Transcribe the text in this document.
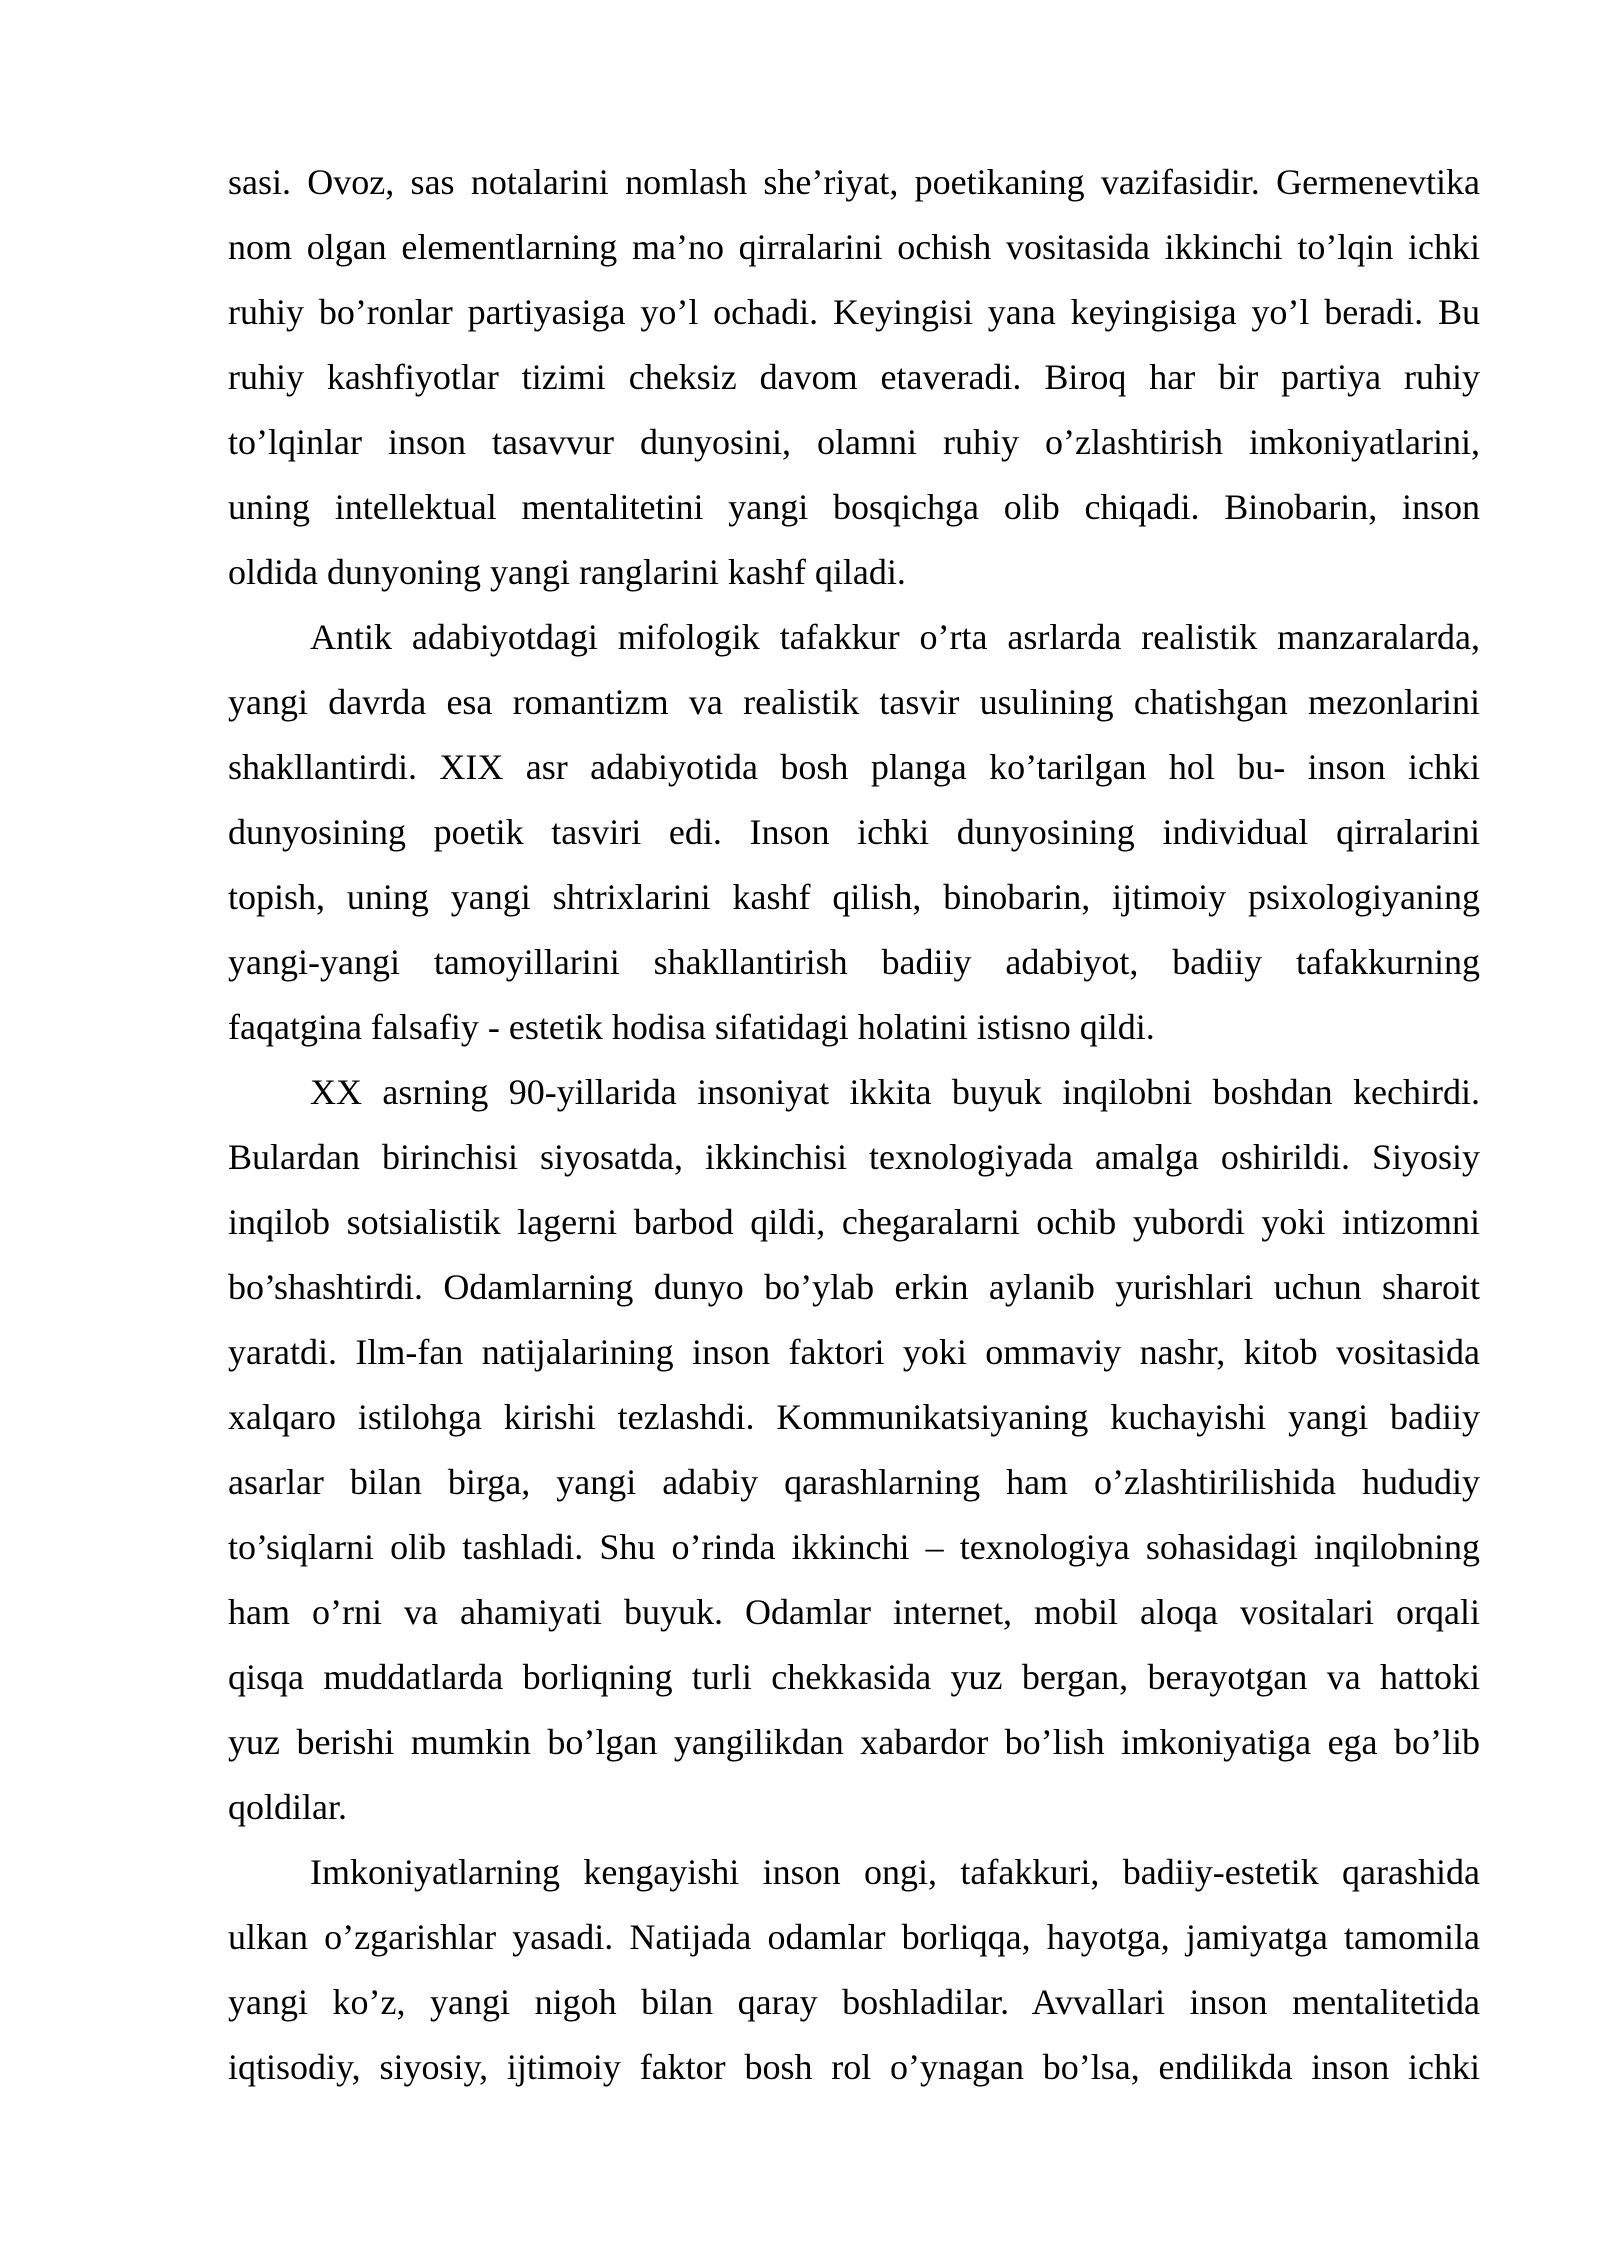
sasi. Ovoz, sas notalarini nomlash she’riyat, poetikaning vazifasidir. Germenevtika
nom olgan elementlarning ma’no qirralarini ochish vositasida ikkinchi to’lqin ichki
ruhiy bo’ronlar partiyasiga yo’l ochadi. Keyingisi yana keyingisiga yo’l beradi. Bu
ruhiy kashfiyotlar tizimi cheksiz davom etaveradi. Biroq har bir partiya ruhiy
to’lqinlar inson tasavvur dunyosini, olamni ruhiy o’zlashtirish imkoniyatlarini,
uning intellektual mentalitetini yangi bosqichga olib chiqadi. Binobarin, inson
oldida dunyoning yangi ranglarini kashf qiladi.
Antik adabiyotdagi mifologik tafakkur o’rta asrlarda realistik manzaralarda,
yangi davrda esa romantizm va realistik tasvir usulining chatishgan mezonlarini
shakllantirdi. XIX asr adabiyotida bosh planga ko’tarilgan hol bu- inson ichki
dunyosining poetik tasviri edi. Inson ichki dunyosining individual qirralarini
topish, uning yangi shtrixlarini kashf qilish, binobarin, ijtimoiy psixologiyaning
yangi-yangi tamoyillarini shakllantirish badiiy adabiyot, badiiy tafakkurning
faqatgina falsafiy - estetik hodisa sifatidagi holatini istisno qildi.
XX asrning 90-yillarida insoniyat ikkita buyuk inqilobni boshdan kechirdi.
Bulardan birinchisi siyosatda, ikkinchisi texnologiyada amalga oshirildi. Siyosiy
inqilob sotsialistik lagerni barbod qildi, chegaralarni ochib yubordi yoki intizomni
bo’shashtirdi. Odamlarning dunyo bo’ylab erkin aylanib yurishlari uchun sharoit
yaratdi. Ilm-fan natijalarining inson faktori yoki ommaviy nashr, kitob vositasida
xalqaro istilohga kirishi tezlashdi. Kommunikatsiyaning kuchayishi yangi badiiy
asarlar bilan birga, yangi adabiy qarashlarning ham o’zlashtirilishida hududiy
to’siqlarni olib tashladi. Shu o’rinda ikkinchi – texnologiya sohasidagi inqilobning
ham o’rni va ahamiyati buyuk. Odamlar internet, mobil aloqa vositalari orqali
qisqa muddatlarda borliqning turli chekkasida yuz bergan, berayotgan va hattoki
yuz berishi mumkin bo’lgan yangilikdan xabardor bo’lish imkoniyatiga ega bo’lib
qoldilar.
Imkoniyatlarning kengayishi inson ongi, tafakkuri, badiiy-estetik qarashida
ulkan o’zgarishlar yasadi. Natijada odamlar borliqqa, hayotga, jamiyatga tamomila
yangi ko’z, yangi nigoh bilan qaray boshladilar. Avvallari inson mentalitetida
iqtisodiy, siyosiy, ijtimoiy faktor bosh rol o’ynagan bo’lsa, endilikda inson ichki
